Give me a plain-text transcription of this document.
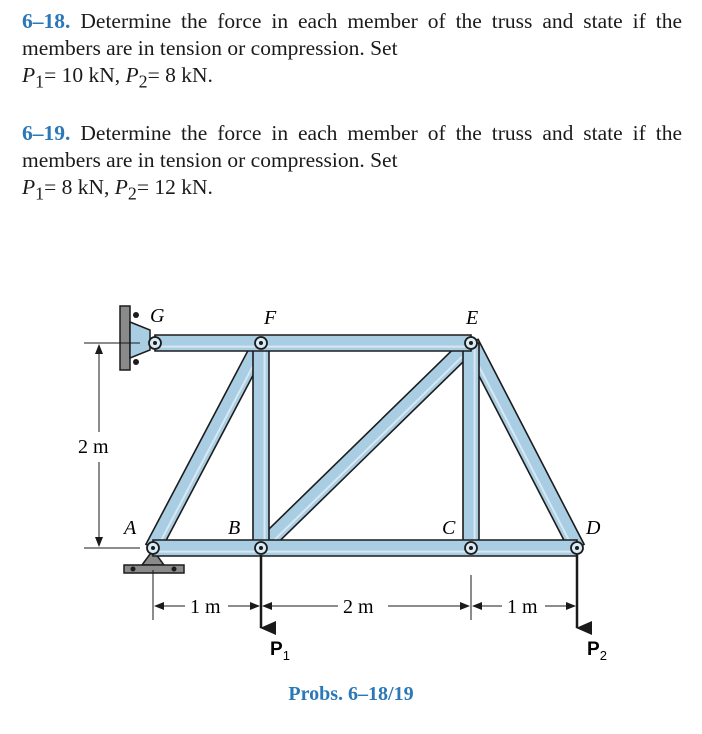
6–18. Determine the force in each member of the truss and state if the members are in tension or compression. Set
$P_1= 10$ kN, $P_2= 8$ kN.
6–19. Determine the force in each member of the truss and state if the members are in tension or compression. Set
$P_1= 8$ kN, $P_2= 12$ kN.
G	F	E
A	B	C	D
2 m
1 m	2 m	1 m
$P_1$	$P_2$
Probs. 6–18/19
